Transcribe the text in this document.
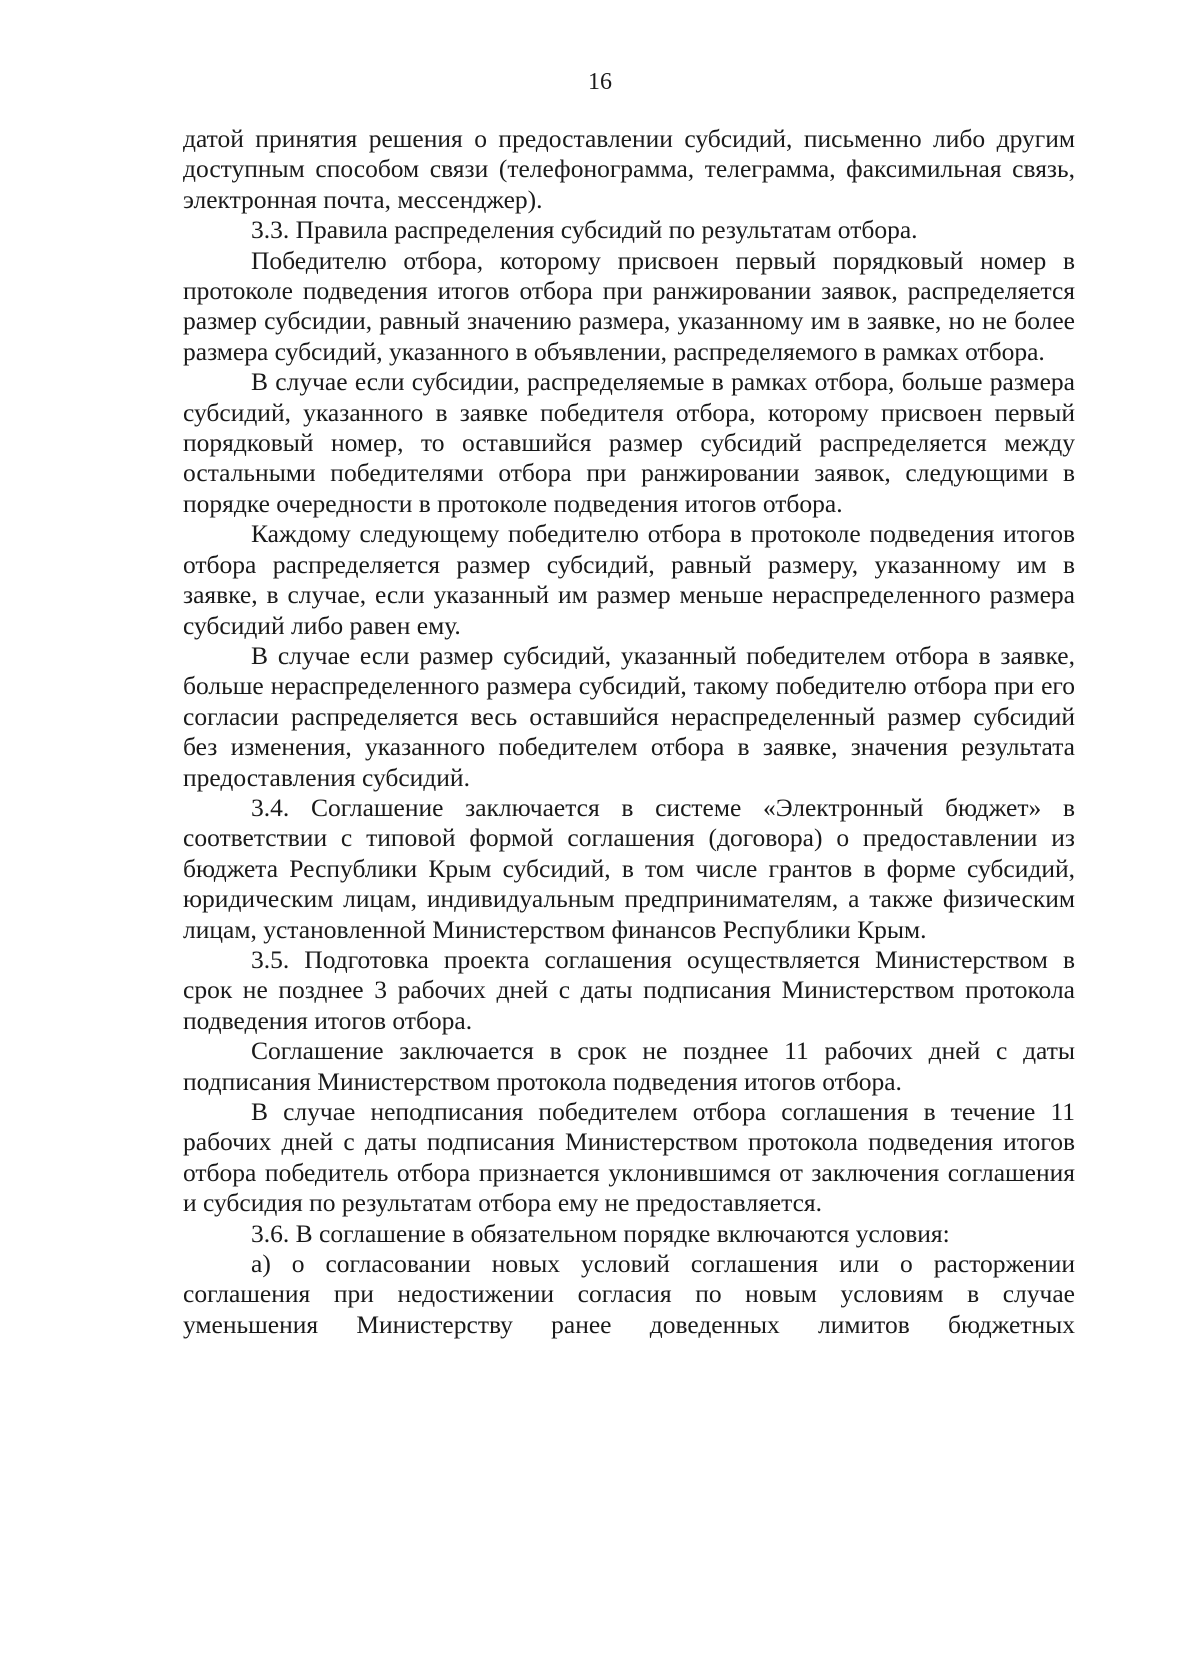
16

датой принятия решения о предоставлении субсидий, письменно либо другим доступным способом связи (телефонограмма, телеграмма, факсимильная связь, электронная почта, мессенджер).

3.3. Правила распределения субсидий по результатам отбора.

Победителю отбора, которому присвоен первый порядковый номер в протоколе подведения итогов отбора при ранжировании заявок, распределяется размер субсидии, равный значению размера, указанному им в заявке, но не более размера субсидий, указанного в объявлении, распределяемого в рамках отбора.

В случае если субсидии, распределяемые в рамках отбора, больше размера субсидий, указанного в заявке победителя отбора, которому присвоен первый порядковый номер, то оставшийся размер субсидий распределяется между остальными победителями отбора при ранжировании заявок, следующими в порядке очередности в протоколе подведения итогов отбора.

Каждому следующему победителю отбора в протоколе подведения итогов отбора распределяется размер субсидий, равный размеру, указанному им в заявке, в случае, если указанный им размер меньше нераспределенного размера субсидий либо равен ему.

В случае если размер субсидий, указанный победителем отбора в заявке, больше нераспределенного размера субсидий, такому победителю отбора при его согласии распределяется весь оставшийся нераспределенный размер субсидий без изменения, указанного победителем отбора в заявке, значения результата предоставления субсидий.

3.4. Соглашение заключается в системе «Электронный бюджет» в соответствии с типовой формой соглашения (договора) о предоставлении из бюджета Республики Крым субсидий, в том числе грантов в форме субсидий, юридическим лицам, индивидуальным предпринимателям, а также физическим лицам, установленной Министерством финансов Республики Крым.

3.5. Подготовка проекта соглашения осуществляется Министерством в срок не позднее 3 рабочих дней с даты подписания Министерством протокола подведения итогов отбора.

Соглашение заключается в срок не позднее 11 рабочих дней с даты подписания Министерством протокола подведения итогов отбора.

В случае неподписания победителем отбора соглашения в течение 11 рабочих дней с даты подписания Министерством протокола подведения итогов отбора победитель отбора признается уклонившимся от заключения соглашения и субсидия по результатам отбора ему не предоставляется.

3.6. В соглашение в обязательном порядке включаются условия:

а) о согласовании новых условий соглашения или о расторжении соглашения при недостижении согласия по новым условиям в случае уменьшения Министерству ранее доведенных лимитов бюджетных
